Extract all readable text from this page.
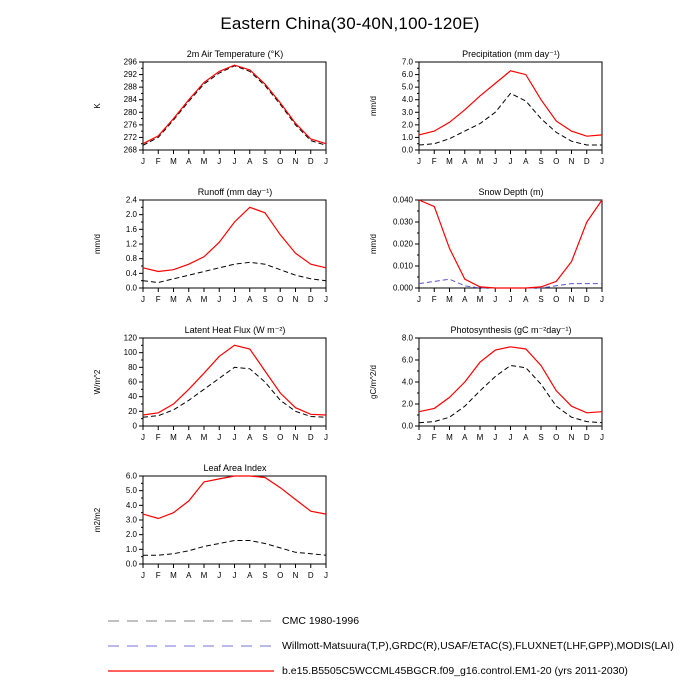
Eastern China(30-40N,100-120E)
2m Air Temperature (°K)
268
272
276
280
284
288
292
296
J F M A M J J A S O N D J
K
Precipitation (mm day⁻¹)
0.0
1.0
2.0
3.0
4.0
5.0
6.0
7.0
J F M A M J J A S O N D J
mm/d
Runoff (mm day⁻¹)
0.0
0.4
0.8
1.2
1.6
2.0
2.4
J F M A M J J A S O N D J
mm/d
Snow Depth (m)
0.000
0.010
0.020
0.030
0.040
J F M A M J J A S O N D J
mm/d
Latent Heat Flux (W m⁻²)
0
20
40
60
80
100
120
J F M A M J J A S O N D J
W/m^2
Photosynthesis (gC m⁻²day⁻¹)
0.0
2.0
4.0
6.0
8.0
J F M A M J J A S O N D J
gC/m^2/d
Leaf Area Index
0.0
1.0
2.0
3.0
4.0
5.0
6.0
J F M A M J J A S O N D J
m2/m2
CMC 1980-1996
Willmott-Matsuura(T,P),GRDC(R),USAF/ETAC(S),FLUXNET(LHF,GPP),MODIS(LAI)
b.e15.B5505C5WCCML45BGCR.f09_g16.control.EM1-20 (yrs 2011-2030)
